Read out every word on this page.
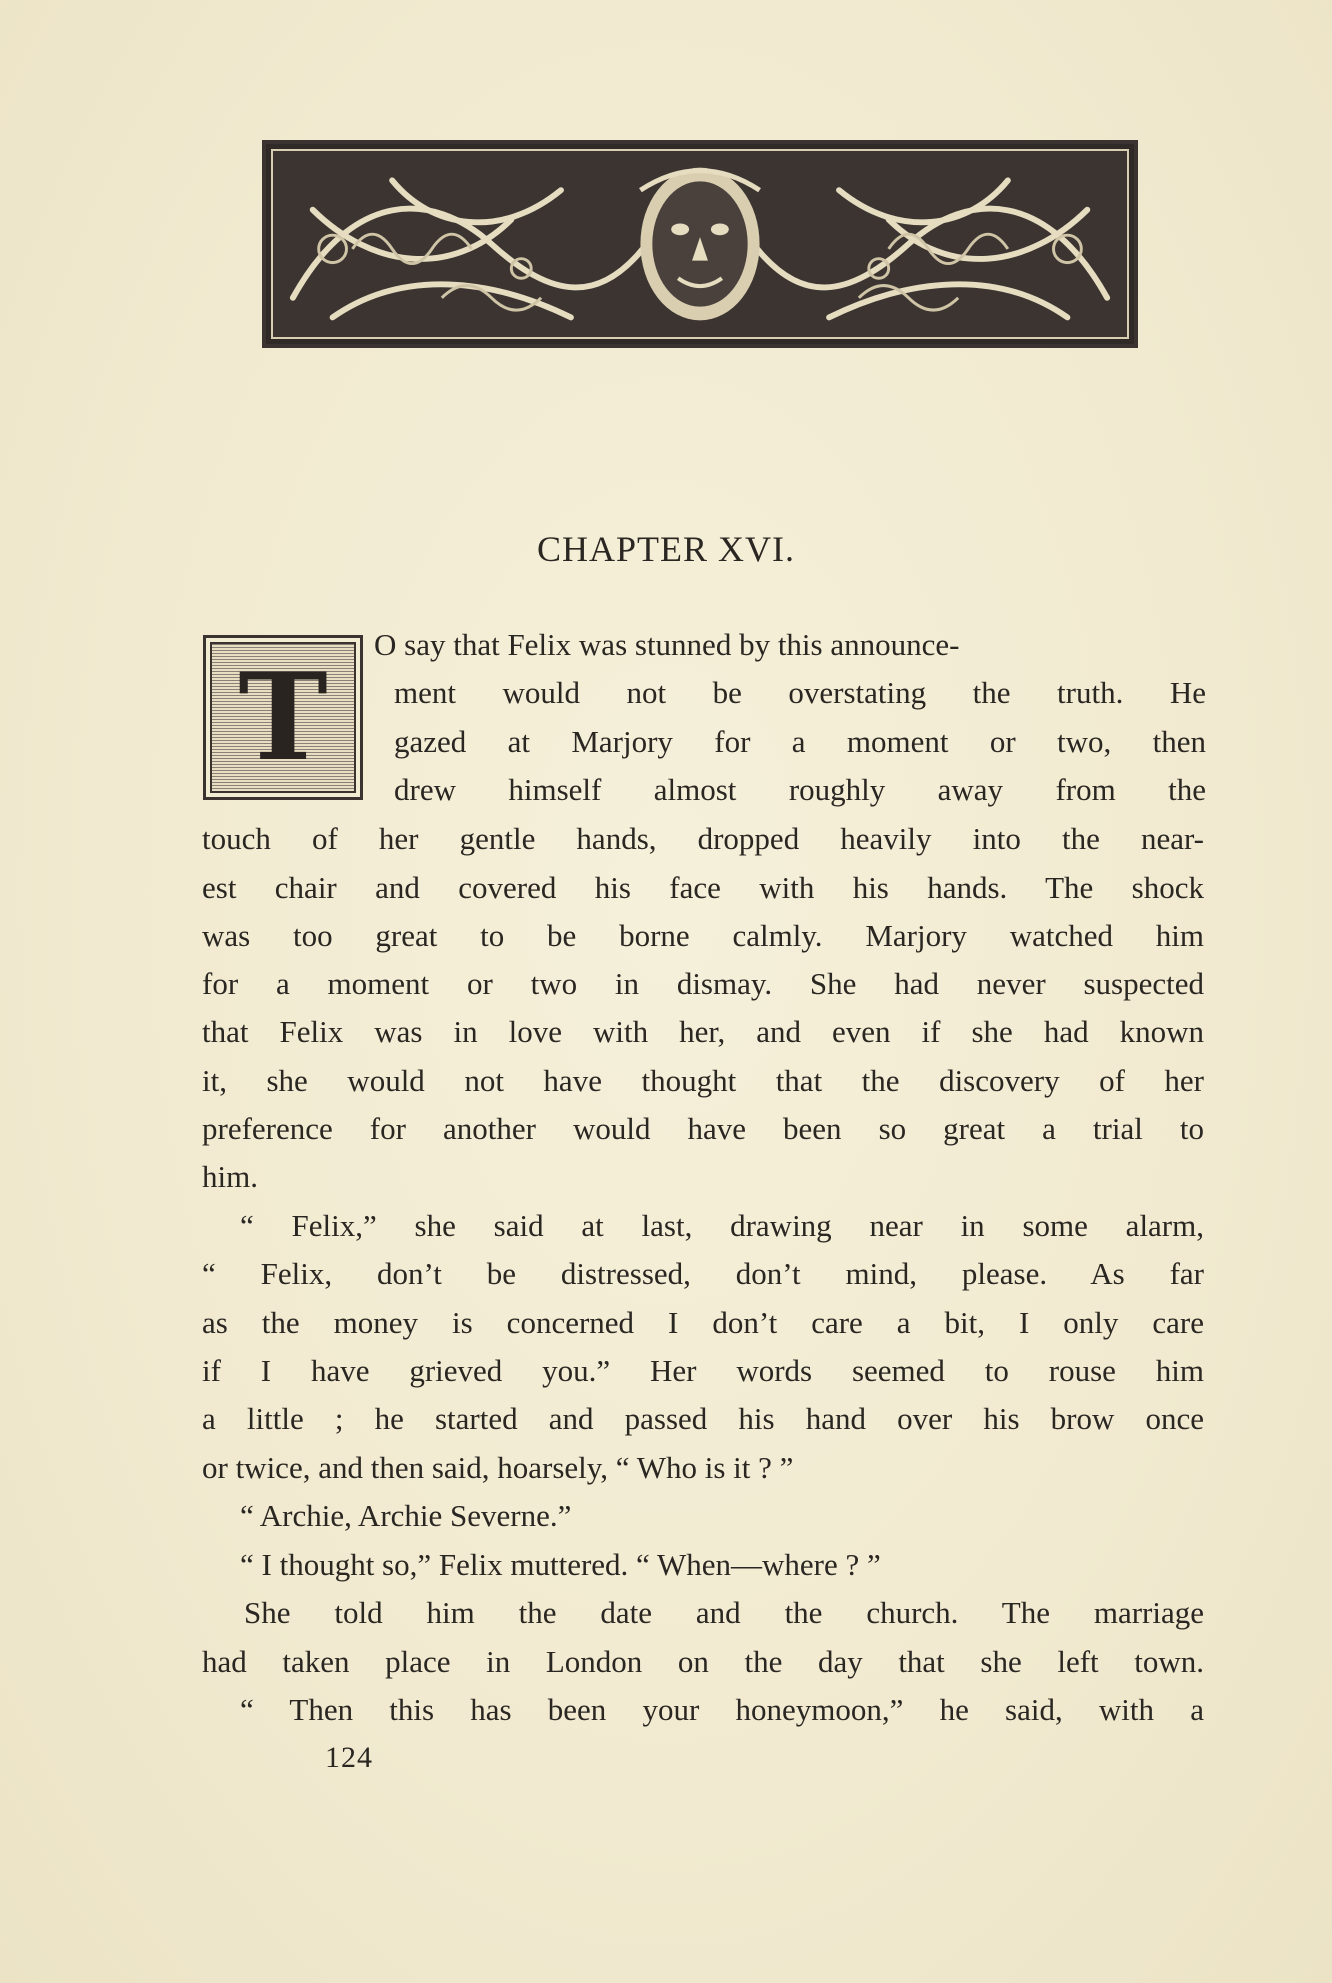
CHAPTER XVI.
T
O say that Felix was stunned by this announce-
ment would not be overstating the truth. He
gazed at Marjory for a moment or two, then
drew himself almost roughly away from the
touch of her gentle hands, dropped heavily into the near-
est chair and covered his face with his hands. The shock
was too great to be borne calmly. Marjory watched him
for a moment or two in dismay. She had never suspected
that Felix was in love with her, and even if she had known
it, she would not have thought that the discovery of her
preference for another would have been so great a trial to
him.
“ Felix,” she said at last, drawing near in some alarm,
“ Felix, don’t be distressed, don’t mind, please. As far
as the money is concerned I don’t care a bit, I only care
if I have grieved you.” Her words seemed to rouse him
a little ; he started and passed his hand over his brow once
or twice, and then said, hoarsely, “ Who is it ? ”
“ Archie, Archie Severne.”
“ I thought so,” Felix muttered. “ When—where ? ”
She told him the date and the church. The marriage
had taken place in London on the day that she left town.
“ Then this has been your honeymoon,” he said, with a
124
